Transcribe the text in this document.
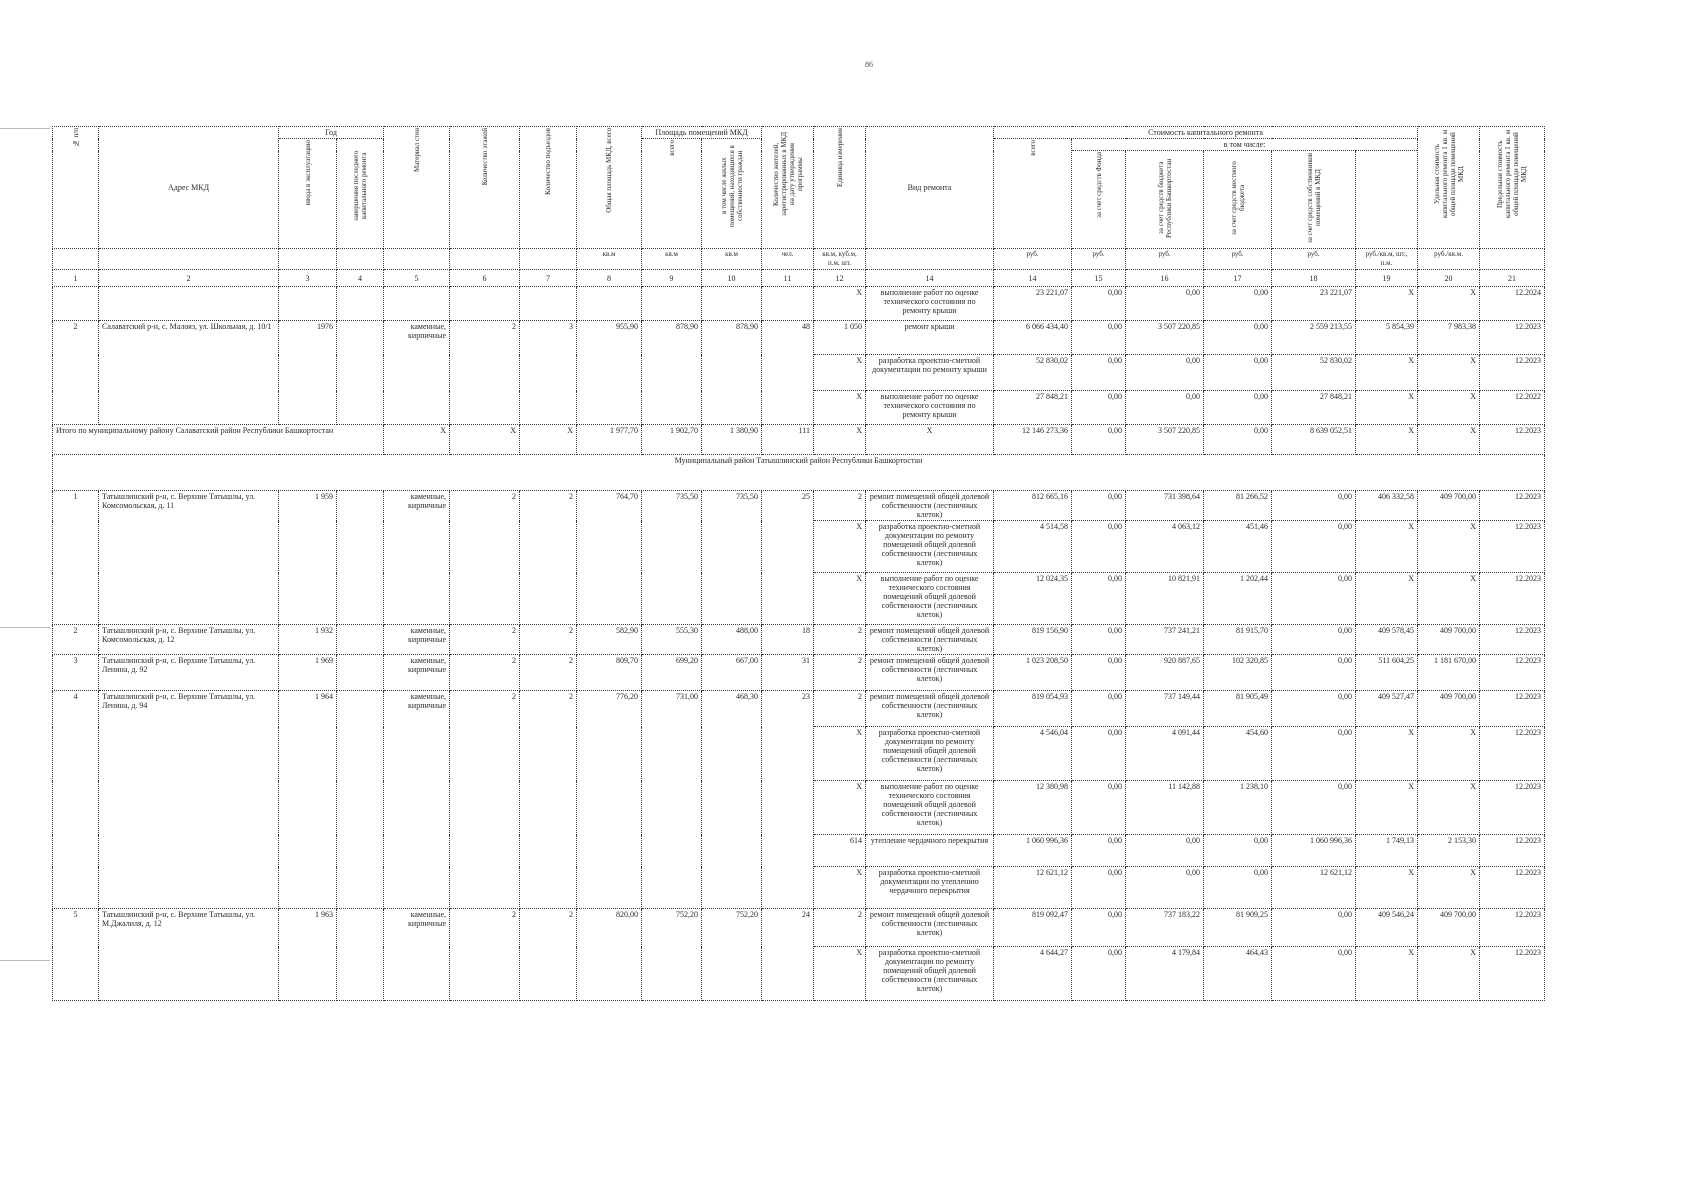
86
№ п/п	Адрес МКД	Год		Материал стен	Количество этажей	Количество подъездов	Общая площадь МКД, всего	Площадь помещений МКД		Количество жителей, зарегистрированных в МКД на дату утверждения программы	Единица измерения	Вид ремонта	Стоимость капитального ремонта						Удельная стоимость капитального ремонта 1 кв. м общей площади помещений МКД	Предельная стоимость капитального ремонта 1 кв. м общей площади помещений МКД	
		ввода в эксплуатацию	завершения последнего капитального ремонта					всего	в том числе жилых помещений, находящихся в собственности граждан				всего	в том числе:							
														за счет средств Фонда	за счет средств бюджета Республики Башкортостан	за счет средств местного бюджета	за счет средств собственников помещений в МКД				
							кв.м	кв.м	кв.м	чел.	кв.м, куб.м, п.м, шт.		руб.	руб.	руб.	руб.	руб.	руб./кв.м, шт., п.м.	руб./кв.м.		
1	2	3	4	5	6	7	8	9	10	11	12	14	14	15	16	17	18	19	20	21	
											X	выполнение работ по оценке технического состояния по ремонту крыши	23 221,07	0,00	0,00	0,00	23 221,07	X	X	12.2024	
2	Салаватский р-н, с. Малояз, ул. Школьная, д. 10/1	1976		каменные, кирпичные	2	3	955,90	878,90	878,90	48	1 050	ремонт крыши	6 066 434,40	0,00	3 507 220,85	0,00	2 559 213,55	5 854,39	7 983,38	12.2023	
											X	разработка проектно-сметной документации по ремонту крыши	52 830,02	0,00	0,00	0,00	52 830,02	X	X	12.2023	
											X	выполнение работ по оценке технического состояния по ремонту крыши	27 848,21	0,00	0,00	0,00	27 848,21	X	X	12.2022	
Итого по муниципальному району Салаватский район Республики Башкортостан				X	X	X	1 977,70	1 902,70	1 380,90	111	X	X	12 146 273,36	0,00	3 507 220,85	0,00	8 639 052,51	X	X	12.2023	
Муниципальный район Татышлинский район Республики Башкортостан																					
1	Татышлинский р-н, с. Верхние Татышлы, ул. Комсомольская, д. 11	1 959		каменные, кирпичные	2	2	764,70	735,50	735,50	25	2	ремонт помещений общей долевой собственности (лестничных клеток)	812 665,16	0,00	731 398,64	81 266,52	0,00	406 332,58	409 700,00	12.2023	
											X	разработка проектно-сметной документации по ремонту помещений общей долевой собственности (лестничных клеток)	4 514,58	0,00	4 063,12	451,46	0,00	X	X	12.2023	
											X	выполнение работ по оценке технического состояния помещений общей долевой собственности (лестничных клеток)	12 024,35	0,00	10 821,91	1 202,44	0,00	X	X	12.2023	
2	Татышлинский р-н, с. Верхние Татышлы, ул. Комсомольская, д. 12	1 932		каменные, кирпичные	2	2	582,90	555,30	488,00	18	2	ремонт помещений общей долевой собственности (лестничных клеток)	819 156,90	0,00	737 241,21	81 915,70	0,00	409 578,45	409 700,00	12.2023	
3	Татышлинский р-н, с. Верхние Татышлы, ул. Ленина, д. 92	1 969		каменные, кирпичные	2	2	809,70	699,20	667,00	31	2	ремонт помещений общей долевой собственности (лестничных клеток)	1 023 208,50	0,00	920 887,65	102 320,85	0,00	511 604,25	1 181 670,00	12.2023	
4	Татышлинский р-н, с. Верхние Татышлы, ул. Ленина, д. 94	1 964		каменные, кирпичные	2	2	776,20	731,00	468,30	23	2	ремонт помещений общей долевой собственности (лестничных клеток)	819 054,93	0,00	737 149,44	81 905,49	0,00	409 527,47	409 700,00	12.2023	
											X	разработка проектно-сметной документации по ремонту помещений общей долевой собственности (лестничных клеток)	4 546,04	0,00	4 091,44	454,60	0,00	X	X	12.2023	
											X	выполнение работ по оценке технического состояния помещений общей долевой собственности (лестничных клеток)	12 380,98	0,00	11 142,88	1 238,10	0,00	X	X	12.2023	
											614	утепление чердачного перекрытия	1 060 996,36	0,00	0,00	0,00	1 060 996,36	1 749,13	2 153,30	12.2023	
											X	разработка проектно-сметной документации по утеплению чердачного перекрытия	12 621,12	0,00	0,00	0,00	12 621,12	X	X	12.2023	
5	Татышлинский р-н, с. Верхние Татышлы, ул. М.Джалиля, д. 12	1 963		каменные, кирпичные	2	2	820,00	752,20	752,20	24	2	ремонт помещений общей долевой собственности (лестничных клеток)	819 092,47	0,00	737 183,22	81 909,25	0,00	409 546,24	409 700,00	12.2023	
											X	разработка проектно-сметной документации по ремонту помещений общей долевой собственности (лестничных клеток)	4 644,27	0,00	4 179,84	464,43	0,00	X	X	12.2023	
